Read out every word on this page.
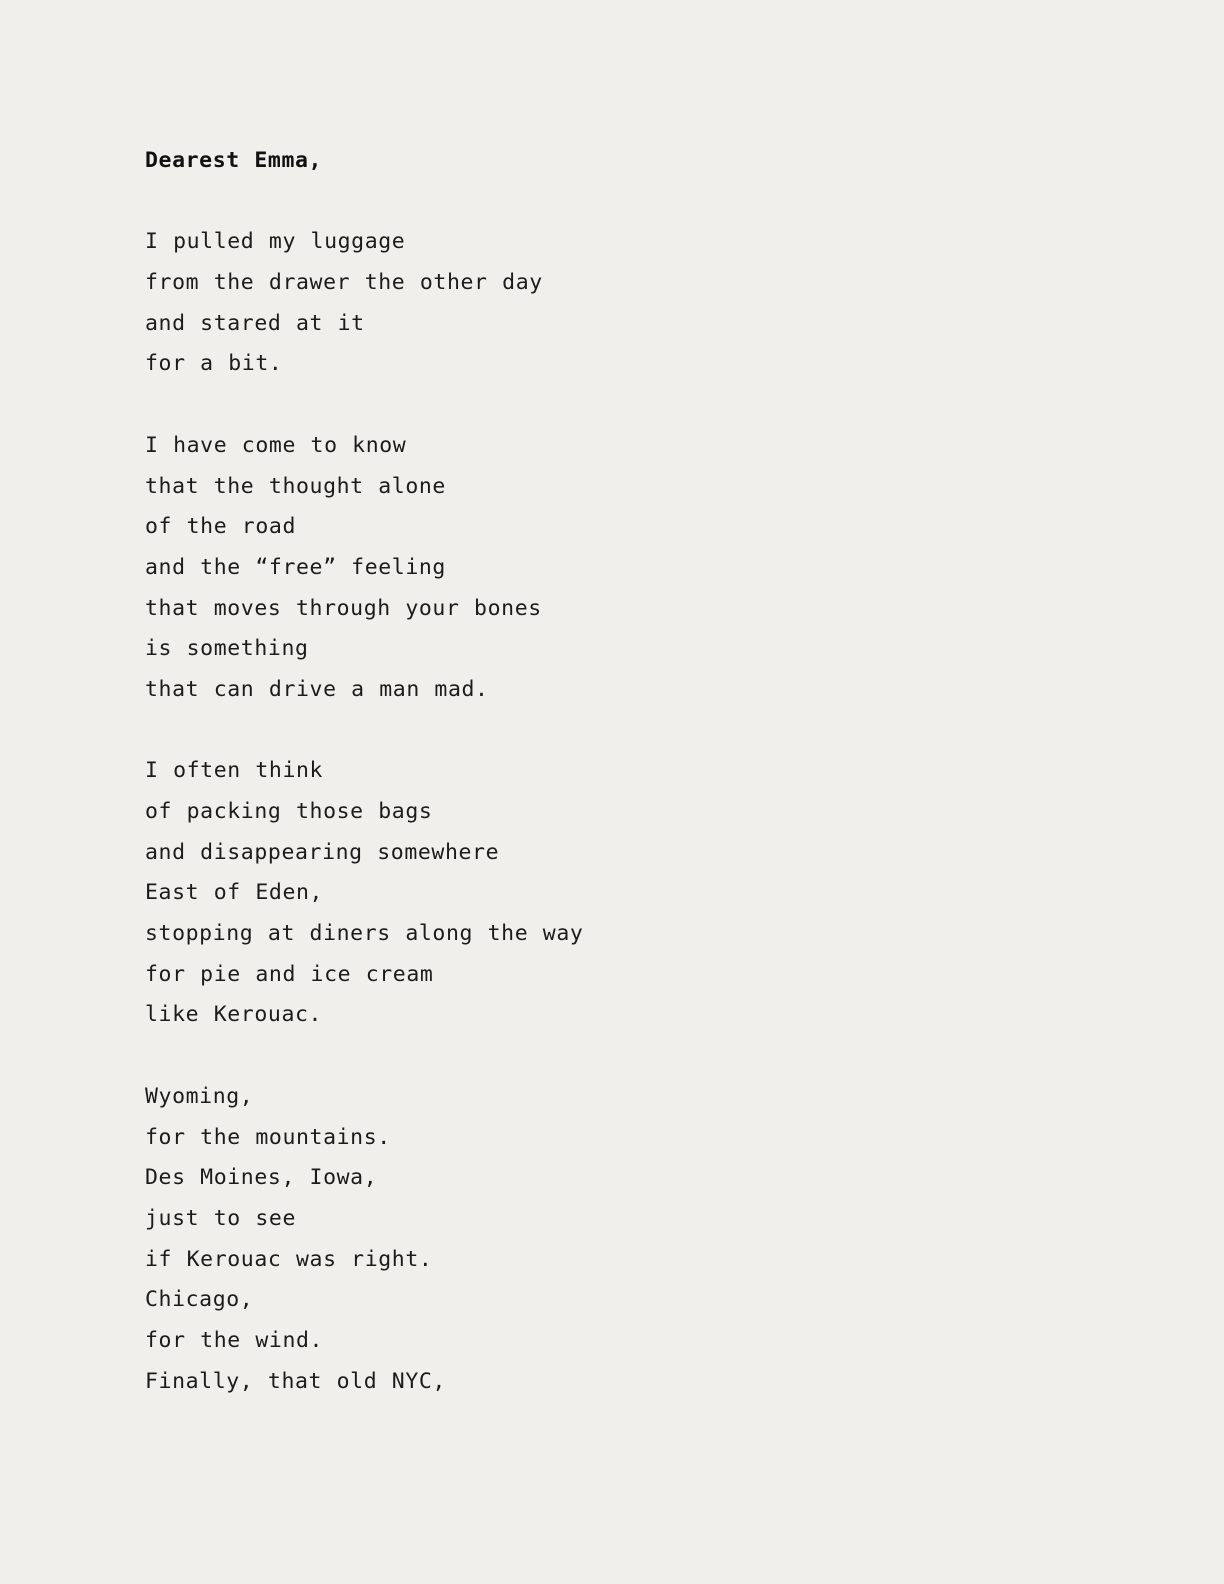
Dearest Emma,
I pulled my luggage
from the drawer the other day
and stared at it
for a bit.
I have come to know
that the thought alone
of the road
and the “free” feeling
that moves through your bones
is something
that can drive a man mad.
I often think
of packing those bags
and disappearing somewhere
East of Eden,
stopping at diners along the way
for pie and ice cream
like Kerouac.
Wyoming,
for the mountains.
Des Moines, Iowa,
just to see
if Kerouac was right.
Chicago,
for the wind.
Finally, that old NYC,
